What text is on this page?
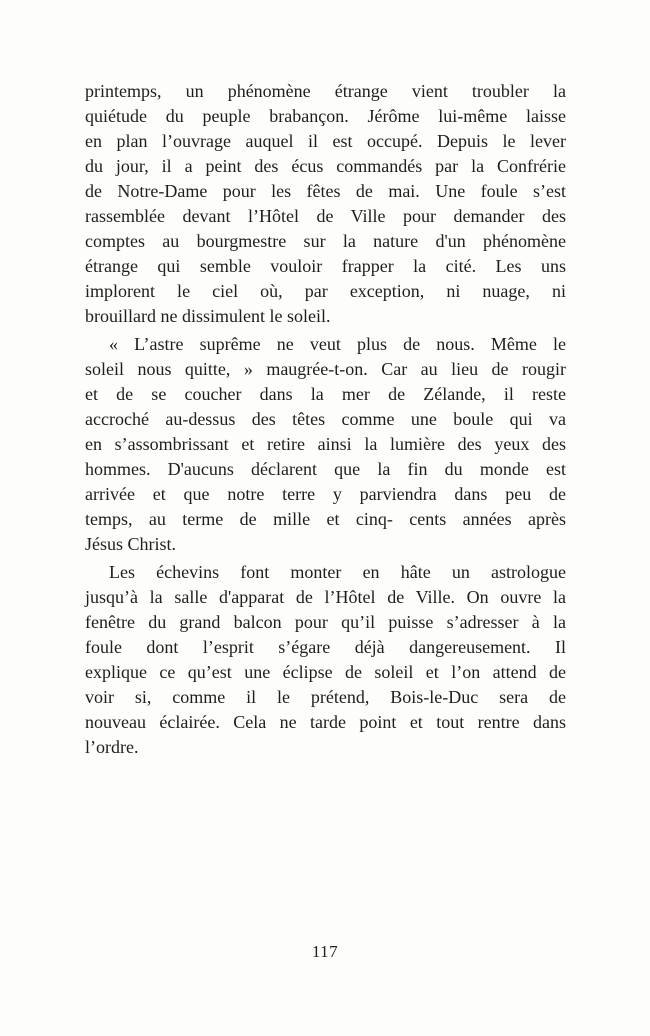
printemps, un phénomène étrange vient troubler la
quiétude du peuple brabançon. Jérôme lui-même laisse
en plan l’ouvrage auquel il est occupé. Depuis le lever
du jour, il a peint des écus commandés par la Confrérie
de Notre-Dame pour les fêtes de mai. Une foule s’est
rassemblée devant l’Hôtel de Ville pour demander des
comptes au bourgmestre sur la nature d'un phénomène
étrange qui semble vouloir frapper la cité. Les uns
implorent le ciel où, par exception, ni nuage, ni
brouillard ne dissimulent le soleil.

« L’astre suprême ne veut plus de nous. Même le
soleil nous quitte, » maugrée-t-on. Car au lieu de rougir
et de se coucher dans la mer de Zélande, il reste
accroché au-dessus des têtes comme une boule qui va
en s’assombrissant et retire ainsi la lumière des yeux des
hommes. D'aucuns déclarent que la fin du monde est
arrivée et que notre terre y parviendra dans peu de
temps, au terme de mille et cinq- cents années après
Jésus Christ.

Les échevins font monter en hâte un astrologue
jusqu’à la salle d'apparat de l’Hôtel de Ville. On ouvre la
fenêtre du grand balcon pour qu’il puisse s’adresser à la
foule dont l’esprit s’égare déjà dangereusement. Il
explique ce qu’est une éclipse de soleil et l’on attend de
voir si, comme il le prétend, Bois-le-Duc sera de
nouveau éclairée. Cela ne tarde point et tout rentre dans
l’ordre.

117
